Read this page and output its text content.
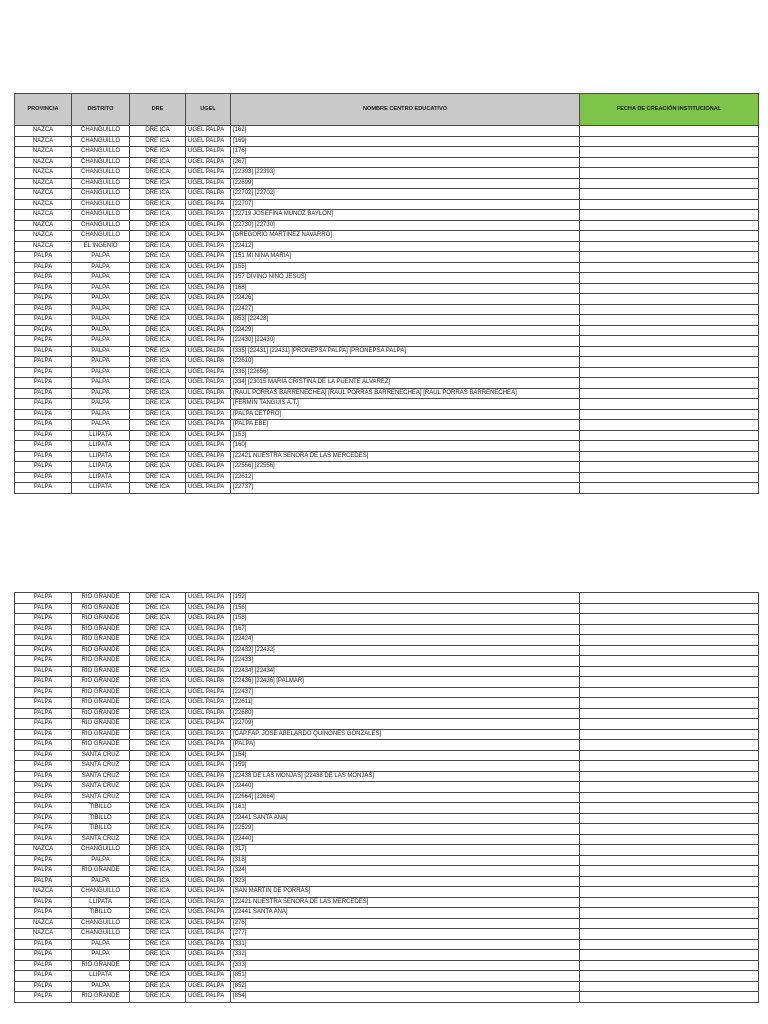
PROVINCIA	DISTRITO	DRE	UGEL	NOMBRE CENTRO EDUCATIVO	FECHA DE CREACIÓN INSTITUCIONAL
NAZCA	CHANGUILLO	DRE ICA	UGEL PALPA	[162]	
NAZCA	CHANGUILLO	DRE ICA	UGEL PALPA	[169]	
NAZCA	CHANGUILLO	DRE ICA	UGEL PALPA	[176]	
NAZCA	CHANGUILLO	DRE ICA	UGEL PALPA	[267]	
NAZCA	CHANGUILLO	DRE ICA	UGEL PALPA	[22393] [22393]	
NAZCA	CHANGUILLO	DRE ICA	UGEL PALPA	[22699]	
NAZCA	CHANGUILLO	DRE ICA	UGEL PALPA	[22702] [22702]	
NAZCA	CHANGUILLO	DRE ICA	UGEL PALPA	[22707]	
NAZCA	CHANGUILLO	DRE ICA	UGEL PALPA	[22719 JOSEFINA MUÑOZ BAYLON]	
NAZCA	CHANGUILLO	DRE ICA	UGEL PALPA	[22730] [22730]	
NAZCA	CHANGUILLO	DRE ICA	UGEL PALPA	[GREGORIO MARTINEZ NAVARRO]	
NAZCA	EL INGENIO	DRE ICA	UGEL PALPA	[22412]	
PALPA	PALPA	DRE ICA	UGEL PALPA	[151 MI NIÑA MARIA]	
PALPA	PALPA	DRE ICA	UGEL PALPA	[155]	
PALPA	PALPA	DRE ICA	UGEL PALPA	[157 DIVINO NIÑO JESUS]	
PALPA	PALPA	DRE ICA	UGEL PALPA	[168]	
PALPA	PALPA	DRE ICA	UGEL PALPA	[22426]	
PALPA	PALPA	DRE ICA	UGEL PALPA	[22427]	
PALPA	PALPA	DRE ICA	UGEL PALPA	[853] [22428]	
PALPA	PALPA	DRE ICA	UGEL PALPA	[22429]	
PALPA	PALPA	DRE ICA	UGEL PALPA	[22430] [22430]	
PALPA	PALPA	DRE ICA	UGEL PALPA	[335] [22431] [22431] [PRONEPSA PALPA] [PRONEPSA PALPA]	
PALPA	PALPA	DRE ICA	UGEL PALPA	[22610]	
PALPA	PALPA	DRE ICA	UGEL PALPA	[336] [22656]	
PALPA	PALPA	DRE ICA	UGEL PALPA	[334] [23015 MARIA CRISTINA DE LA PUENTE ALVAREZ]	
PALPA	PALPA	DRE ICA	UGEL PALPA	[RAUL PORRAS BARRENECHEA] [RAUL PORRAS BARRENECHEA] [RAUL PORRAS BARRENECHEA]	
PALPA	PALPA	DRE ICA	UGEL PALPA	[FERMIN TANGUIS A.T.]	
PALPA	PALPA	DRE ICA	UGEL PALPA	[PALPA CETPRO]	
PALPA	PALPA	DRE ICA	UGEL PALPA	[PALPA EBE]	
PALPA	LLIPATA	DRE ICA	UGEL PALPA	[153]	
PALPA	LLIPATA	DRE ICA	UGEL PALPA	[160]	
PALPA	LLIPATA	DRE ICA	UGEL PALPA	[22421 NUESTRA SEÑORA DE LAS MERCEDES]	
PALPA	LLIPATA	DRE ICA	UGEL PALPA	[22556] [22556]	
PALPA	LLIPATA	DRE ICA	UGEL PALPA	[22612]	
PALPA	LLIPATA	DRE ICA	UGEL PALPA	[22737]	
PALPA	RIO GRANDE	DRE ICA	UGEL PALPA	[152]	
PALPA	RIO GRANDE	DRE ICA	UGEL PALPA	[156]	
PALPA	RIO GRANDE	DRE ICA	UGEL PALPA	[158]	
PALPA	RIO GRANDE	DRE ICA	UGEL PALPA	[167]	
PALPA	RIO GRANDE	DRE ICA	UGEL PALPA	[22424]	
PALPA	RIO GRANDE	DRE ICA	UGEL PALPA	[22432] [22432]	
PALPA	RIO GRANDE	DRE ICA	UGEL PALPA	[22433]	
PALPA	RIO GRANDE	DRE ICA	UGEL PALPA	[22434] [22434]	
PALPA	RIO GRANDE	DRE ICA	UGEL PALPA	[22436] [22436] [PALMAR]	
PALPA	RIO GRANDE	DRE ICA	UGEL PALPA	[22437]	
PALPA	RIO GRANDE	DRE ICA	UGEL PALPA	[22611]	
PALPA	RIO GRANDE	DRE ICA	UGEL PALPA	[22680]	
PALPA	RIO GRANDE	DRE ICA	UGEL PALPA	[22709]	
PALPA	RIO GRANDE	DRE ICA	UGEL PALPA	[CAP.FAP. JOSE ABELARDO QUIÑONES GONZALES]	
PALPA	RIO GRANDE	DRE ICA	UGEL PALPA	[PALPA]	
PALPA	SANTA CRUZ	DRE ICA	UGEL PALPA	[154]	
PALPA	SANTA CRUZ	DRE ICA	UGEL PALPA	[159]	
PALPA	SANTA CRUZ	DRE ICA	UGEL PALPA	[22438 DE LAS MONJAS] [22438 DE LAS MONJAS]	
PALPA	SANTA CRUZ	DRE ICA	UGEL PALPA	[22440]	
PALPA	SANTA CRUZ	DRE ICA	UGEL PALPA	[22664] [22664]	
PALPA	TIBILLO	DRE ICA	UGEL PALPA	[161]	
PALPA	TIBILLO	DRE ICA	UGEL PALPA	[22441 SANTA ANA]	
PALPA	TIBILLO	DRE ICA	UGEL PALPA	[22529]	
PALPA	SANTA CRUZ	DRE ICA	UGEL PALPA	[22440]	
NAZCA	CHANGUILLO	DRE ICA	UGEL PALPA	[317]	
PALPA	PALPA	DRE ICA	UGEL PALPA	[318]	
PALPA	RIO GRANDE	DRE ICA	UGEL PALPA	[324]	
PALPA	PALPA	DRE ICA	UGEL PALPA	[323]	
NAZCA	CHANGUILLO	DRE ICA	UGEL PALPA	[SAN MARTIN DE PORRAS]	
PALPA	LLIPATA	DRE ICA	UGEL PALPA	[22421 NUESTRA SEÑORA DE LAS MERCEDES]	
PALPA	TIBILLO	DRE ICA	UGEL PALPA	[22441 SANTA ANA]	
NAZCA	CHANGUILLO	DRE ICA	UGEL PALPA	[276]	
NAZCA	CHANGUILLO	DRE ICA	UGEL PALPA	[277]	
PALPA	PALPA	DRE ICA	UGEL PALPA	[331]	
PALPA	PALPA	DRE ICA	UGEL PALPA	[332]	
PALPA	RIO GRANDE	DRE ICA	UGEL PALPA	[333]	
PALPA	LLIPATA	DRE ICA	UGEL PALPA	[851]	
PALPA	PALPA	DRE ICA	UGEL PALPA	[852]	
PALPA	RIO GRANDE	DRE ICA	UGEL PALPA	[854]	
